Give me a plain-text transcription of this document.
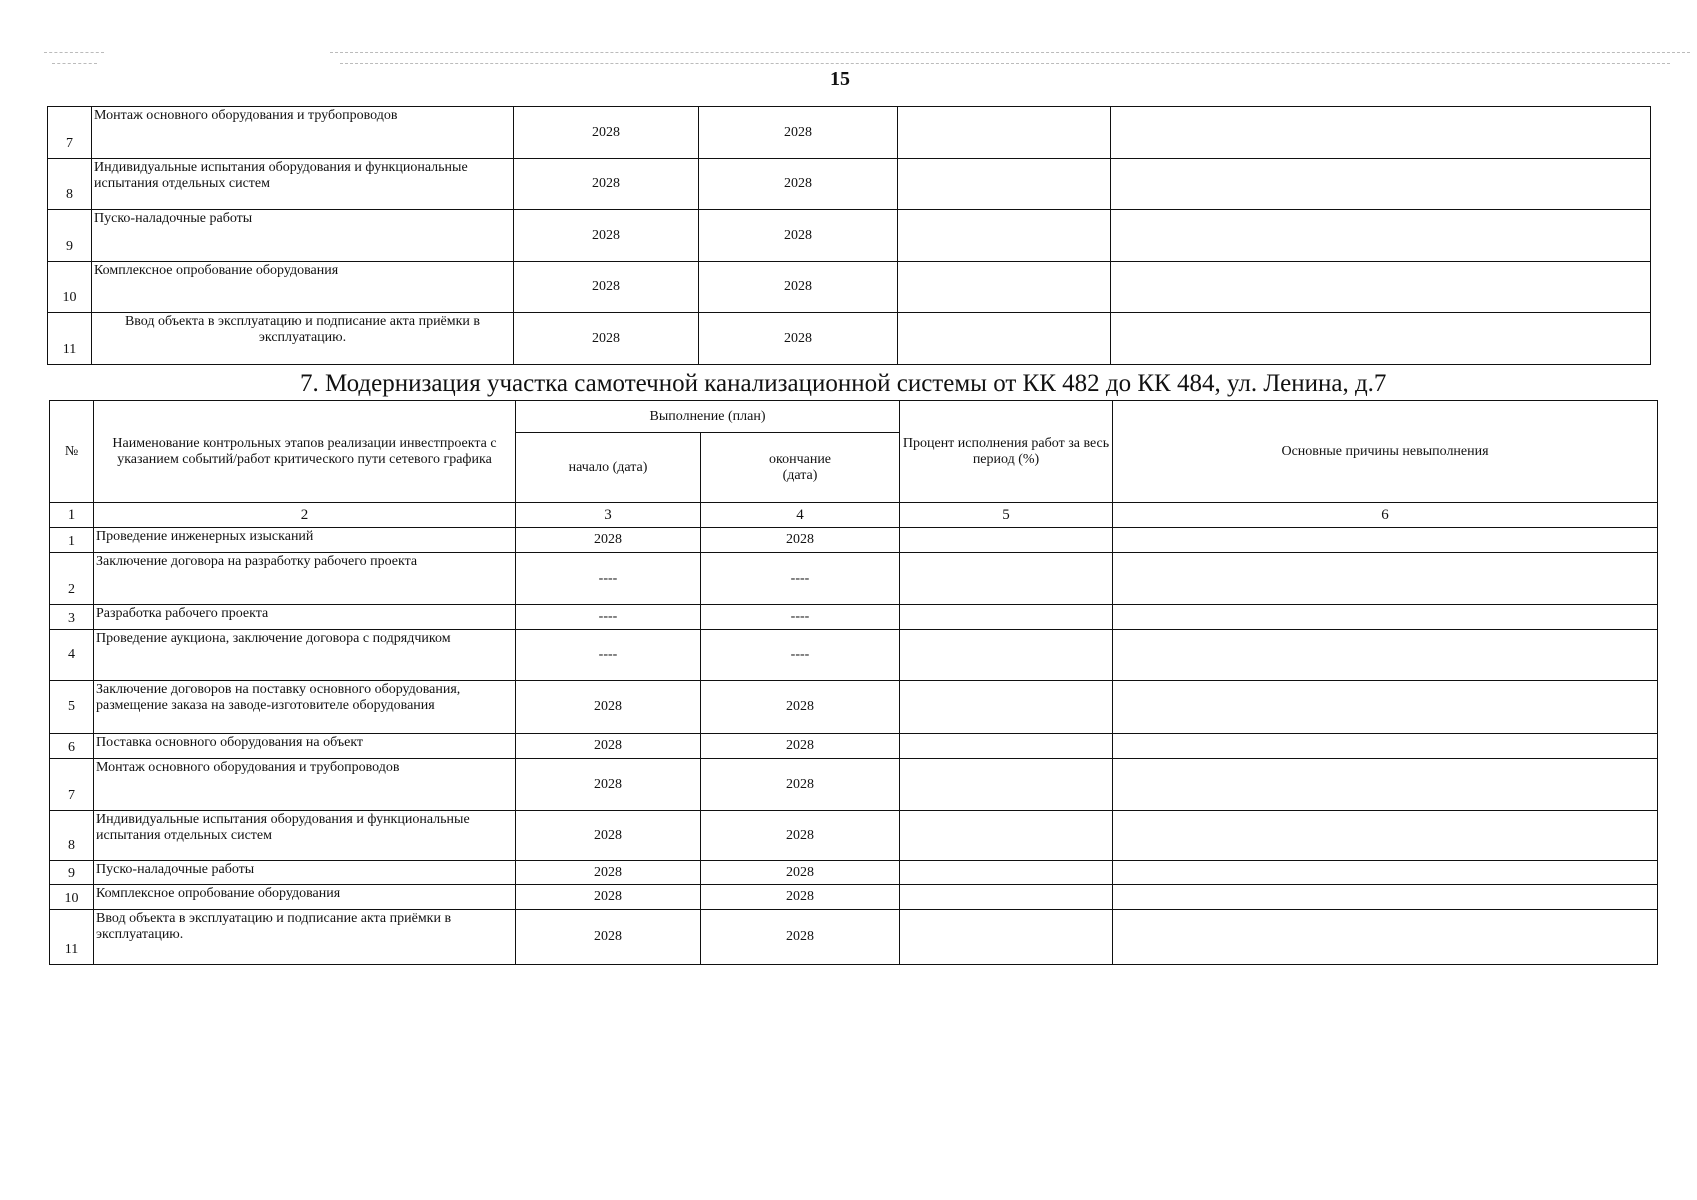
15
7	Монтаж основного оборудования и трубопроводов	2028	2028		
8	Индивидуальные испытания оборудования и функциональные испытания отдельных систем	2028	2028		
9	Пуско-наладочные работы	2028	2028		
10	Комплексное опробование оборудования	2028	2028		
11	Ввод объекта в эксплуатацию и подписание акта приёмки в эксплуатацию.	2028	2028		
7. Модернизация участка самотечной канализационной системы от КК 482 до КК 484, ул. Ленина, д.7
№	Наименование контрольных этапов реализации инвестпроекта с указанием событий/работ критического пути сетевого графика	Выполнение (план)		Процент исполнения работ за весь период (%)	Основные причины невыполнения
		начало (дата)	окончание (дата)		
1	2	3	4	5	6
1	Проведение инженерных изысканий	2028	2028		
2	Заключение договора на разработку рабочего проекта	----	----		
3	Разработка рабочего проекта	----	----		
4	Проведение аукциона, заключение договора с подрядчиком	----	----		
5	Заключение договоров на поставку основного оборудования, размещение заказа на заводе-изготовителе оборудования	2028	2028		
6	Поставка основного оборудования на объект	2028	2028		
7	Монтаж основного оборудования и трубопроводов	2028	2028		
8	Индивидуальные испытания оборудования и функциональные испытания отдельных систем	2028	2028		
9	Пуско-наладочные работы	2028	2028		
10	Комплексное опробование оборудования	2028	2028		
11	Ввод объекта в эксплуатацию и подписание акта приёмки в эксплуатацию.	2028	2028		
